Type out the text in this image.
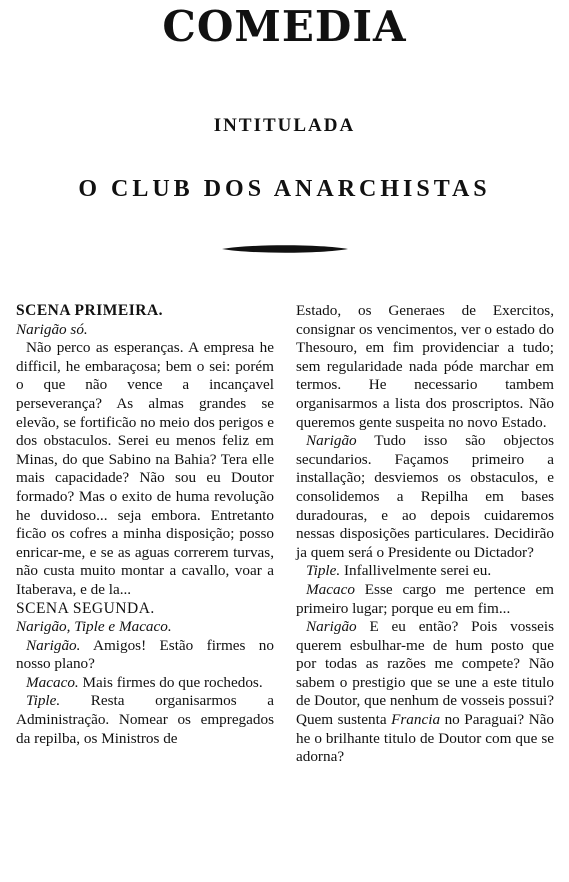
COMEDIA
INTITULADA
O CLUB DOS ANARCHISTAS

SCENA PRIMEIRA.

Narigão só.

Não perco as esperanças. A empresa he difficil, he embaraçosa; bem o sei: porém o que não vence a incançavel perseverança? As almas grandes se elevão, se fortificão no meio dos perigos e dos obstaculos. Serei eu menos feliz em Minas, do que Sabino na Bahia? Tera elle mais capacidade? Não sou eu Doutor formado? Mas o exito de huma revolução he duvidoso... seja embora. Entretanto ficão os cofres a minha disposição; posso enricar-me, e se as aguas correrem turvas, não custa muito montar a cavallo, voar a Itaberava, e de la...

SCENA SEGUNDA.

Narigão, Tiple e Macaco.

Narigão. Amigos! Estão firmes no nosso plano?

Macaco. Mais firmes do que rochedos.

Tiple. Resta organisarmos a Administração. Nomear os empregados da repilba, os Ministros de

Estado, os Generaes de Exercitos, consignar os vencimentos, ver o estado do Thesouro, em fim providenciar a tudo; sem regularidade nada póde marchar em termos. He necessario tambem organisarmos a lista dos proscriptos. Não queremos gente suspeita no novo Estado.

Narigão Tudo isso são objectos secundarios. Façamos primeiro a installação; desviemos os obstaculos, e consolidemos a Repilha em bases duradouras, e ao depois cuidaremos nessas disposições particulares. Decidirão ja quem será o Presidente ou Dictador?

Tiple. Infallivelmente serei eu.

Macaco Esse cargo me pertence em primeiro lugar; porque eu em fim...

Narigão E eu então? Pois vosseis querem esbulhar-me de hum posto que por todas as razões me compete? Não sabem o prestigio que se une a este titulo de Doutor, que nenhum de vosseis possui? Quem sustenta Francia no Paraguai? Não he o brilhante titulo de Doutor com que se adorna?
